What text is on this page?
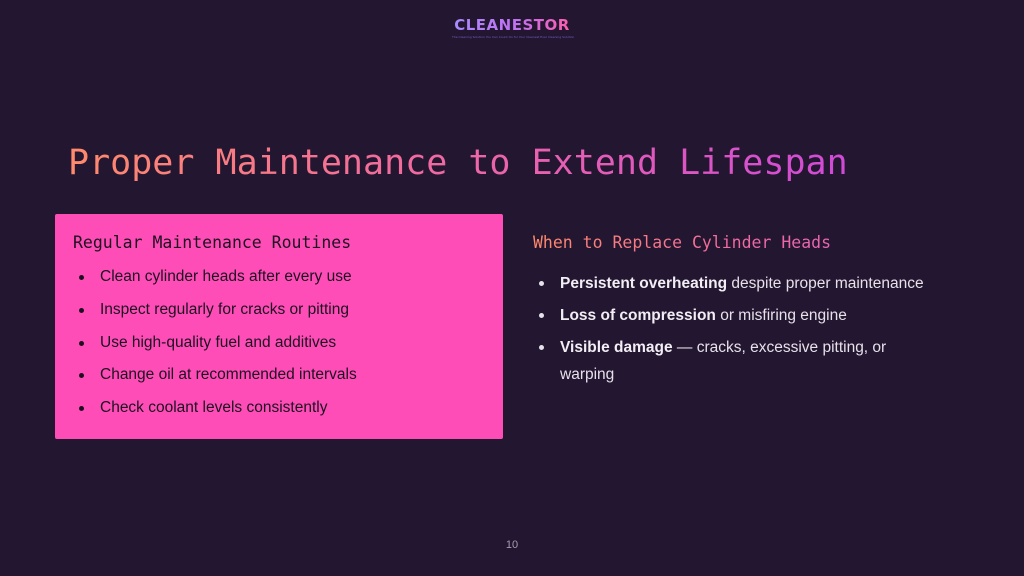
CLEANESTOR
The Cleaning Solution You Can Count On for Your Cleanest Ever Cleaning Solution
Proper Maintenance to Extend Lifespan
Regular Maintenance Routines
Clean cylinder heads after every use
Inspect regularly for cracks or pitting
Use high-quality fuel and additives
Change oil at recommended intervals
Check coolant levels consistently
When to Replace Cylinder Heads
Persistent overheating despite proper maintenance
Loss of compression or misfiring engine
Visible damage — cracks, excessive pitting, or warping
10
